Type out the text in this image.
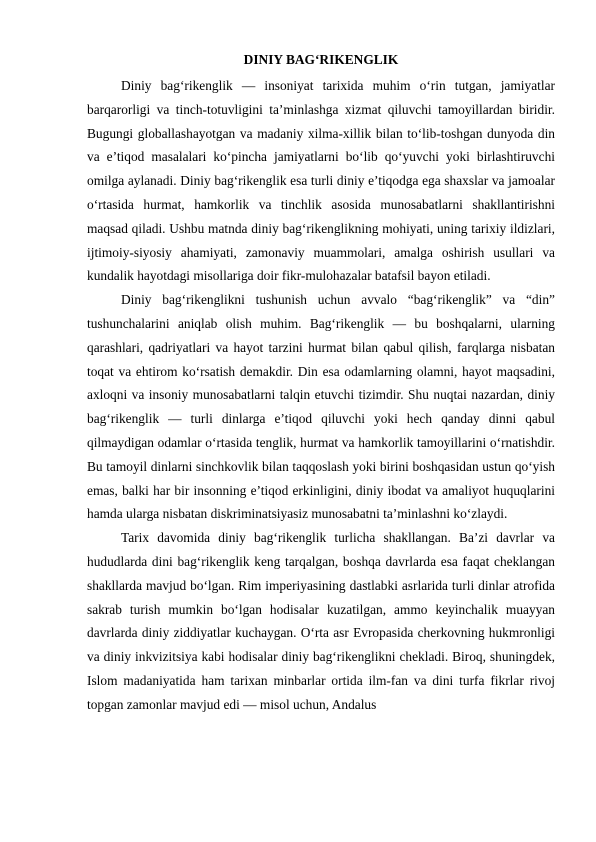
DINIY BAG‘RIKENGLIK

Diniy bag‘rikenglik — insoniyat tarixida muhim o‘rin tutgan, jamiyatlar barqarorligi va tinch-totuvligini taʼminlashga xizmat qiluvchi tamoyillardan biridir. Bugungi globallashayotgan va madaniy xilma-xillik bilan to‘lib-toshgan dunyoda din va e’tiqod masalalari ko‘pincha jamiyatlarni bo‘lib qo‘yuvchi yoki birlashtiruvchi omilga aylanadi. Diniy bag‘rikenglik esa turli diniy e’tiqodga ega shaxslar va jamoalar o‘rtasida hurmat, hamkorlik va tinchlik asosida munosabatlarni shakllantirishni maqsad qiladi. Ushbu matnda diniy bag‘rikenglikning mohiyati, uning tarixiy ildizlari, ijtimoiy-siyosiy ahamiyati, zamonaviy muammolari, amalga oshirish usullari va kundalik hayotdagi misollariga doir fikr-mulohazalar batafsil bayon etiladi.

Diniy bag‘rikenglikni tushunish uchun avvalo “bag‘rikenglik” va “din” tushunchalarini aniqlab olish muhim. Bag‘rikenglik — bu boshqalarni, ularning qarashlari, qadriyatlari va hayot tarzini hurmat bilan qabul qilish, farqlarga nisbatan toqat va ehtirom ko‘rsatish demakdir. Din esa odamlarning olamni, hayot maqsadini, axloqni va insoniy munosabatlarni talqin etuvchi tizimdir. Shu nuqtai nazardan, diniy bag‘rikenglik — turli dinlarga e’tiqod qiluvchi yoki hech qanday dinni qabul qilmaydigan odamlar o‘rtasida tenglik, hurmat va hamkorlik tamoyillarini o‘rnatishdir. Bu tamoyil dinlarni sinchkovlik bilan taqqoslash yoki birini boshqasidan ustun qo‘yish emas, balki har bir insonning e’tiqod erkinligini, diniy ibodat va amaliyot huquqlarini hamda ularga nisbatan diskriminatsiyasiz munosabatni taʼminlashni ko‘zlaydi.

Tarix davomida diniy bag‘rikenglik turlicha shakllangan. Baʼzi davrlar va hududlarda dini bag‘rikenglik keng tarqalgan, boshqa davrlarda esa faqat cheklangan shakllarda mavjud bo‘lgan. Rim imperiyasining dastlabki asrlarida turli dinlar atrofida sakrab turish mumkin bo‘lgan hodisalar kuzatilgan, ammo keyinchalik muayyan davrlarda diniy ziddiyatlar kuchaygan. O‘rta asr Evropasida cherkovning hukmronligi va diniy inkvizitsiya kabi hodisalar diniy bag‘rikenglikni chekladi. Biroq, shuningdek, Islom madaniyatida ham tarixan minbarlar ortida ilm-fan va dini turfa fikrlar rivoj topgan zamonlar mavjud edi — misol uchun, Andalus
